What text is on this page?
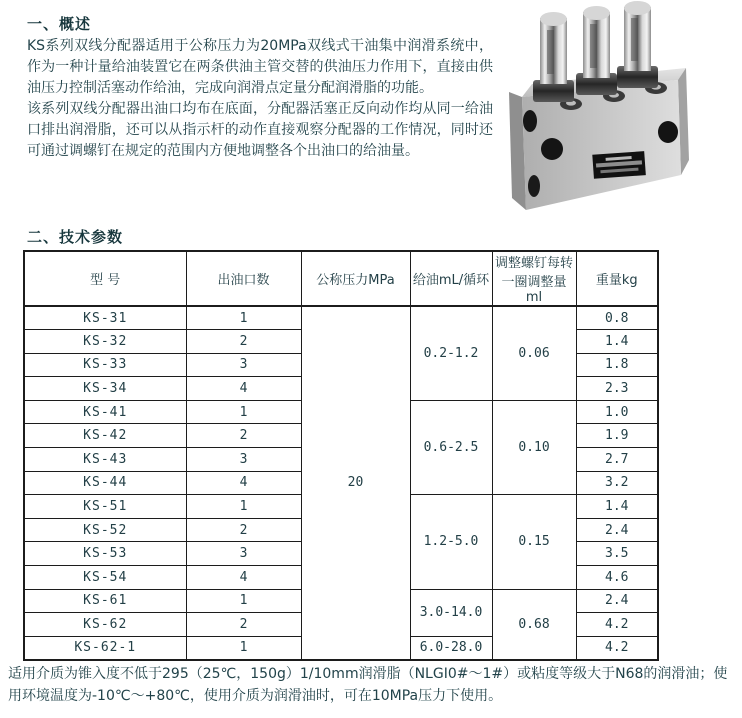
一、概述

KS系列双线分配器适用于公称压力为20MPa双线式干油集中润滑系统中，作为一种计量给油装置它在两条供油主管交替的供油压力作用下，直接由供油压力控制活塞动作给油，完成向润滑点定量分配润滑脂的功能。

该系列双线分配器出油口均布在底面，分配器活塞正反向动作均从同一给油口排出润滑脂，还可以从指示杆的动作直接观察分配器的工作情况，同时还可通过调螺钉在规定的范围内方便地调整各个出油口的给油量。

二、技术参数
型 号	出油口数	公称压力MPa	给油mL/循环	调整螺钉每转一圈调整量ml	重量kg
KS-31	1	20	0.2-1.2	0.06	0.8
KS-32	2				1.4
KS-33	3				1.8
KS-34	4				2.3
KS-41	1		0.6-2.5	0.10	1.0
KS-42	2				1.9
KS-43	3				2.7
KS-44	4				3.2
KS-51	1		1.2-5.0	0.15	1.4
KS-52	2				2.4
KS-53	3				3.5
KS-54	4				4.6
KS-61	1		3.0-14.0	0.68	2.4
KS-62	2				4.2
KS-62-1	1		6.0-28.0		4.2
适用介质为锥入度不低于295（25℃，150g）1/10mm润滑脂（NLGI0#～1#）或粘度等级大于N68的润滑油；使用环境温度为-10℃～+80℃，使用介质为润滑油时，可在10MPa压力下使用。
